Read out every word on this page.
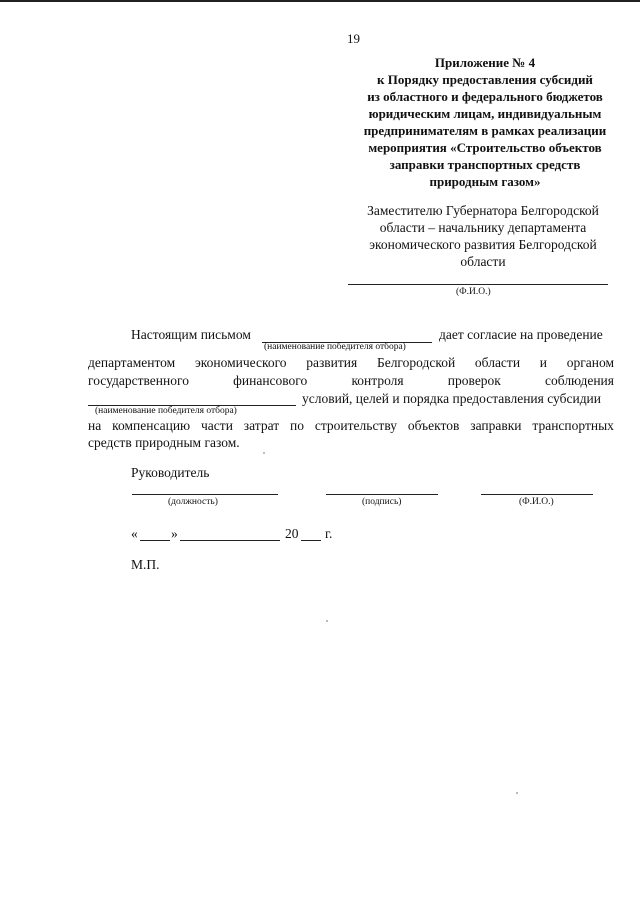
19
Приложение № 4
к Порядку предоставления субсидий
из областного и федерального бюджетов
юридическим лицам, индивидуальным
предпринимателям в рамках реализации
мероприятия «Строительство объектов
заправки транспортных средств
природным газом»
Заместителю Губернатора Белгородской
области – начальнику департамента
экономического развития Белгородской
области
(Ф.И.О.)
Настоящим письмом	дает согласие на проведение
(наименование победителя отбора)
департаментом экономического развития Белгородской области и органом
государственного	финансового	контроля	проверок	соблюдения
условий, целей и порядка предоставления субсидии
(наименование победителя отбора)
на компенсацию части затрат по строительству объектов заправки транспортных
средств природным газом.
Руководитель
(должность)	(подпись)	(Ф.И.О.)
« »	20 г.
М.П.
